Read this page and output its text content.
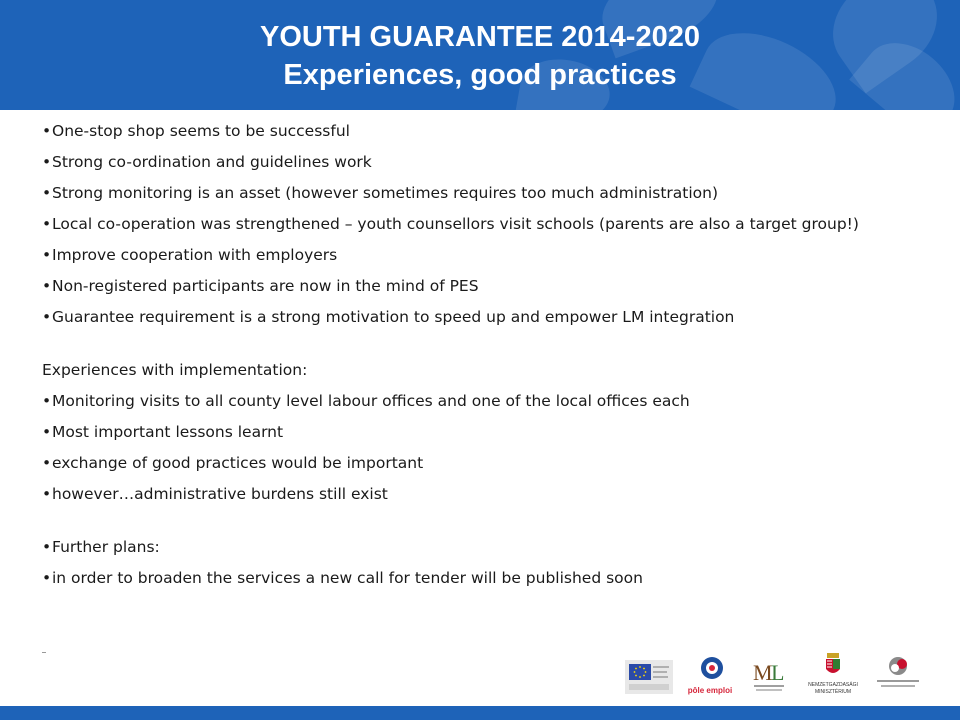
YOUTH GUARANTEE 2014-2020
Experiences, good practices

•One-stop shop seems to be successful

•Strong co-ordination and guidelines work

•Strong monitoring is an asset (however sometimes requires too much administration)

•Local co-operation was strengthened – youth counsellors visit schools (parents are also a target group!)

•Improve cooperation with employers

•Non-registered participants are now in the mind of PES

•Guarantee requirement is a strong motivation to speed up and empower LM integration

Experiences with implementation:

•Monitoring visits to all county level labour offices and one of the local offices each

•Most important lessons learnt

•exchange of good practices would be important

•however…administrative burdens still exist

•Further plans:

•in order to broaden the services a new call for tender will be published soon

pôle emploi
M
L	NEMZETGAZDASÁGI MINISZTÉRIUM
